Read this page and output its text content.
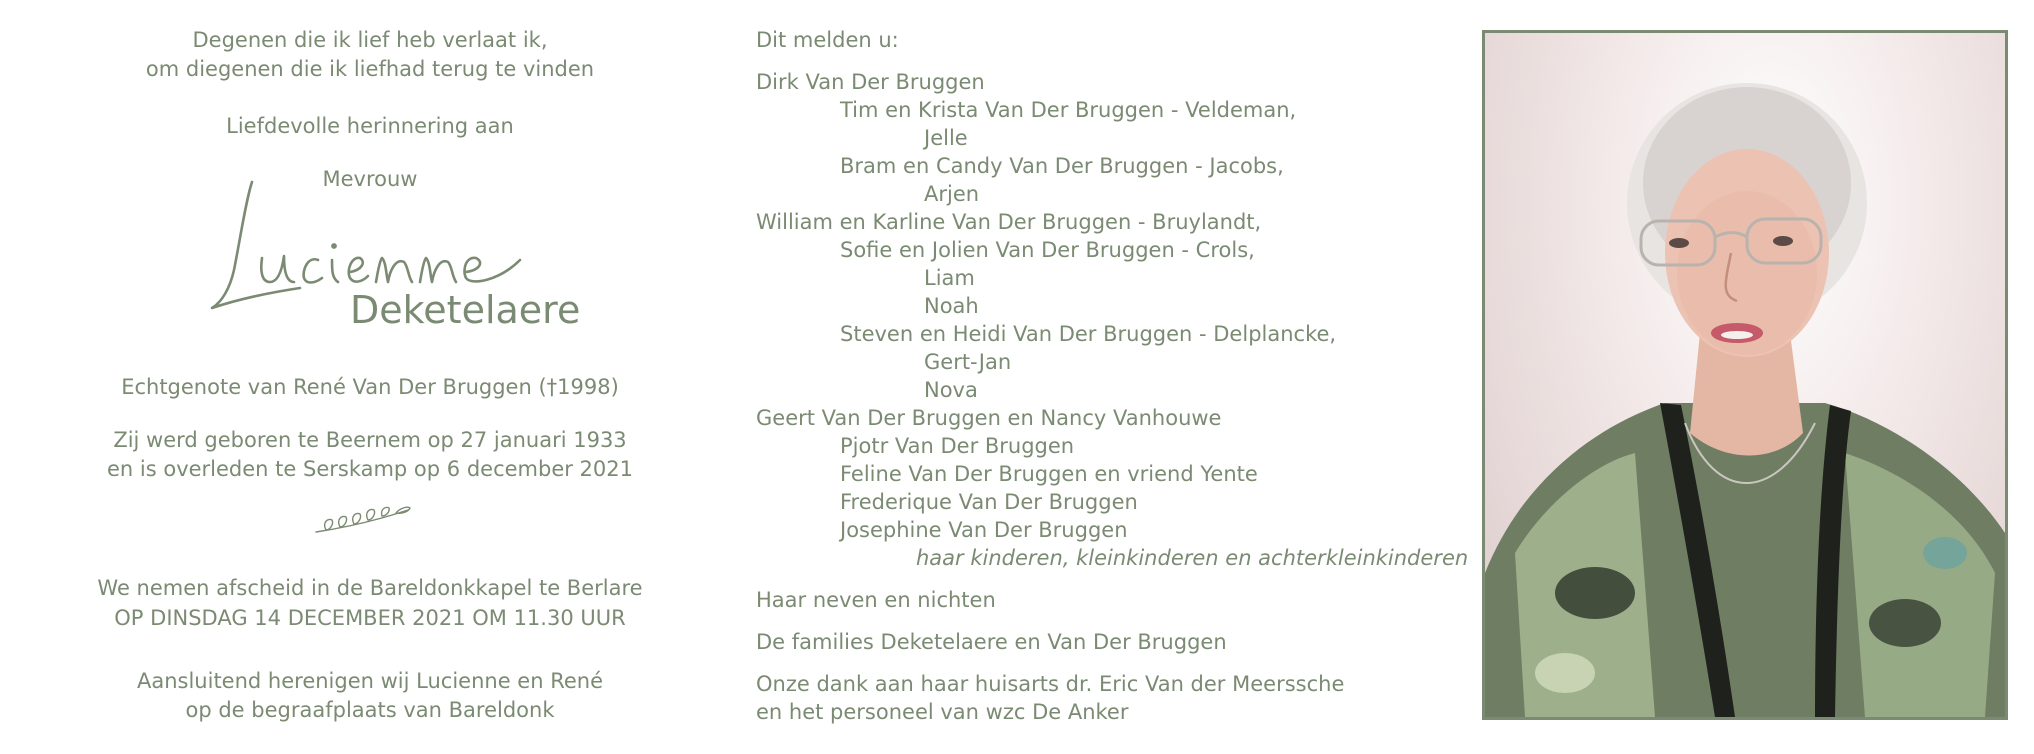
Degenen die ik lief heb verlaat ik,
om diegenen die ik liefhad terug te vinden
Liefdevolle herinnering aan
Mevrouw
Deketelaere
Echtgenote van René Van Der Bruggen (†1998)
Zij werd geboren te Beernem op 27 januari 1933
en is overleden te Serskamp op 6 december 2021
We nemen afscheid in de Bareldonkkapel te Berlare
OP DINSDAG 14 DECEMBER 2021 OM 11.30 UUR
Aansluitend herenigen wij Lucienne en René
op de begraafplaats van Bareldonk
Dit melden u:
Dirk Van Der Bruggen
Tim en Krista Van Der Bruggen - Veldeman,
Jelle
Bram en Candy Van Der Bruggen - Jacobs,
Arjen
William en Karline Van Der Bruggen - Bruylandt,
Sofie en Jolien Van Der Bruggen - Crols,
Liam
Noah
Steven en Heidi Van Der Bruggen - Delplancke,
Gert-Jan
Nova
Geert Van Der Bruggen en Nancy Vanhouwe
Pjotr Van Der Bruggen
Feline Van Der Bruggen en vriend Yente
Frederique Van Der Bruggen
Josephine Van Der Bruggen
haar kinderen, kleinkinderen en achterkleinkinderen
Haar neven en nichten
De families Deketelaere en Van Der Bruggen
Onze dank aan haar huisarts dr. Eric Van der Meerssche
en het personeel van wzc De Anker
